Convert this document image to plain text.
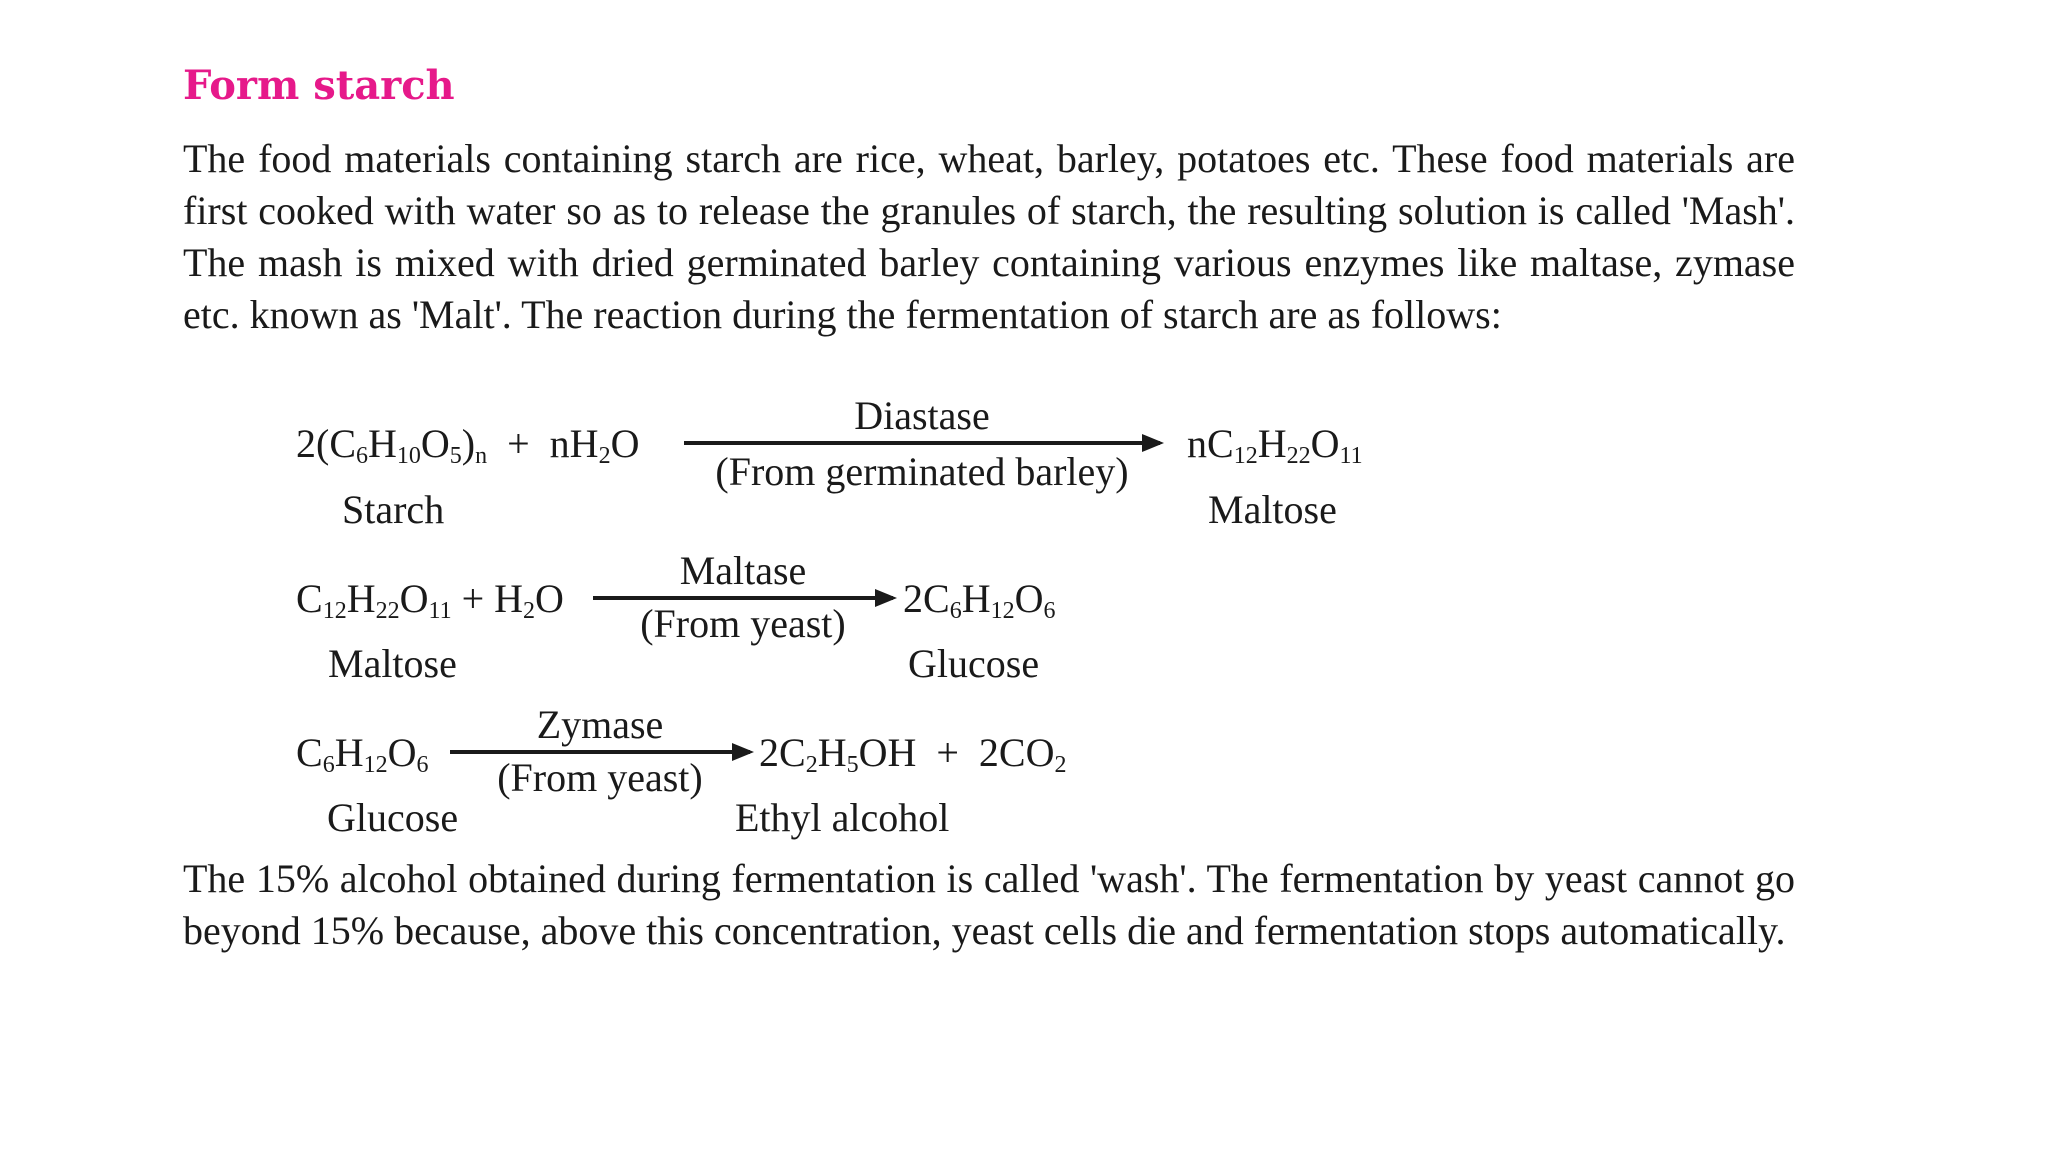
Form starch
The food materials containing starch are rice, wheat, barley, potatoes etc. These food materials are first cooked with water so as to release the granules of starch, the resulting solution is called 'Mash'. The mash is mixed with dried germinated barley containing various enzymes like maltase, zymase etc. known as 'Malt'. The reaction during the fermentation of starch are as follows:
$2(C_6H_{10}O_5)_n + nH_2O$
Diastase
(From germinated barley)
$nC_{12}H_{22}O_{11}$
Starch	Maltose
$C_{12}H_{22}O_{11} + H_2O$
Maltase
(From yeast)
$2C_6H_{12}O_6$
Maltose	Glucose
$C_6H_{12}O_6$
Zymase
(From yeast)
$2C_2H_5OH + 2CO_2$
Glucose	Ethyl alcohol
The 15% alcohol obtained during fermentation is called 'wash'. The fermentation by yeast cannot go beyond 15% because, above this concentration, yeast cells die and fermentation stops automatically.
